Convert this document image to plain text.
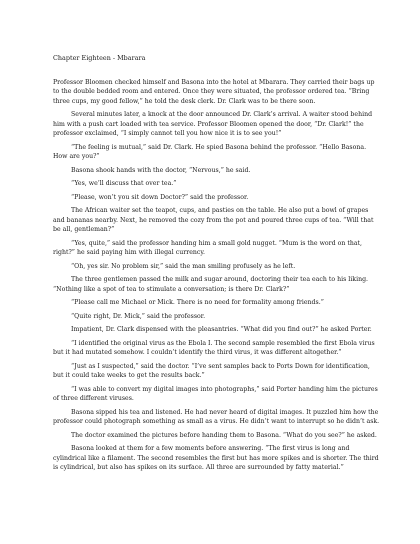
Chapter Eighteen - Mbarara

Professor Bloomen checked himself and Basona into the hotel at Mbarara. They carried their bags up to the double bedded room and entered. Once they were situated, the professor ordered tea. “Bring three cups, my good fellow,” he told the desk clerk. Dr. Clark was to be there soon.

Several minutes later, a knock at the door announced Dr. Clark’s arrival. A waiter stood behind him with a push cart loaded with tea service. Professor Bloomen opened the door, “Dr. Clark!” the professor exclaimed, “I simply cannot tell you how nice it is to see you!”

“The feeling is mutual,” said Dr. Clark. He spied Basona behind the professor. “Hello Basona. How are you?”

Basona shook hands with the doctor, “Nervous,” he said.

“Yes, we’ll discuss that over tea.”

“Please, won’t you sit down Doctor?” said the professor.

The African waiter set the teapot, cups, and pasties on the table. He also put a bowl of grapes and bananas nearby. Next, he removed the cozy from the pot and poured three cups of tea. “Will that be all, gentleman?”

“Yes, quite,” said the professor handing him a small gold nugget. “Mum is the word on that, right?” he said paying him with illegal currency.

“Oh, yes sir. No problem sir,” said the man smiling profusely as he left.

The three gentlemen passed the milk and sugar around, doctoring their tea each to his liking. “Nothing like a spot of tea to stimulate a conversation; is there Dr. Clark?”

“Please call me Michael or Mick. There is no need for formality among friends.”

“Quite right, Dr. Mick,” said the professor.

Impatient, Dr. Clark dispensed with the pleasantries. “What did you find out?” he asked Porter.

“I identified the original virus as the Ebola I. The second sample resembled the first Ebola virus but it had mutated somehow. I couldn’t identify the third virus, it was different altogether.”

“Just as I suspected,” said the doctor. “I’ve sent samples back to Ports Down for identification, but it could take weeks to get the results back.”

“I was able to convert my digital images into photographs,” said Porter handing him the pictures of three different viruses.

Basona sipped his tea and listened. He had never heard of digital images. It puzzled him how the professor could photograph something as small as a virus. He didn’t want to interrupt so he didn’t ask.

The doctor examined the pictures before handing them to Basona. “What do you see?” he asked.

Basona looked at them for a few moments before answering. “The first virus is long and cylindrical like a filament. The second resembles the first but has more spikes and is shorter. The third is cylindrical, but also has spikes on its surface. All three are surrounded by fatty material.”
